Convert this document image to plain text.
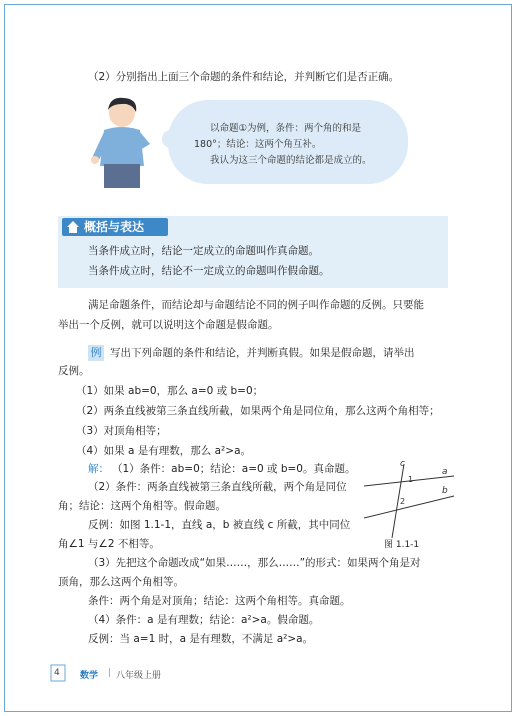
（2）分别指出上面三个命题的条件和结论，并判断它们是否正确。
以命题①为例，条件：两个角的和是
180°；结论：这两个角互补。
我认为这三个命题的结论都是成立的。
概括与表达
当条件成立时，结论一定成立的命题叫作真命题。
当条件成立时，结论不一定成立的命题叫作假命题。
满足命题条件，而结论却与命题结论不同的例子叫作命题的反例。只要能
举出一个反例，就可以说明这个命题是假命题。
例 写出下列命题的条件和结论，并判断真假。如果是假命题，请举出
反例。
（1）如果 ab=0，那么 a=0 或 b=0；
（2）两条直线被第三条直线所截，如果两个角是同位角，那么这两个角相等；
（3）对顶角相等；
（4）如果 a 是有理数，那么 a²>a。
解： （1）条件：ab=0；结论：a=0 或 b=0。真命题。
（2）条件：两条直线被第三条直线所截，两个角是同位
角；结论：这两个角相等。假命题。
反例：如图 1.1-1，直线 a，b 被直线 c 所截，其中同位
角∠1 与∠2 不相等。
（3）先把这个命题改成“如果……，那么……”的形式：如果两个角是对
顶角，那么这两个角相等。
条件：两个角是对顶角；结论：这两个角相等。真命题。
（4）条件：a 是有理数；结论：a²>a。假命题。
反例：当 a=1 时，a 是有理数，不满足 a²>a。
c
a
b
1
2
图 1.1-1
4 数学 | 八年级上册
